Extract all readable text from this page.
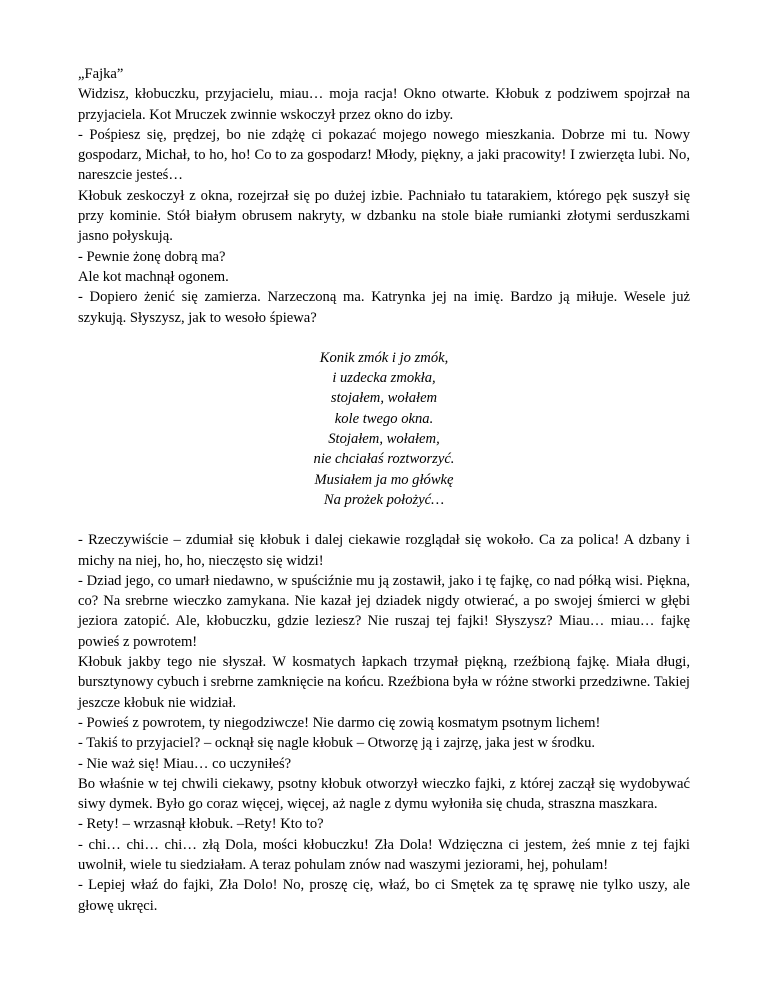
„Fajka”

Widzisz, kłobuczku, przyjacielu, miau… moja racja! Okno otwarte. Kłobuk z podziwem spojrzał na przyjaciela. Kot Mruczek zwinnie wskoczył przez okno do izby.

- Pośpiesz się, prędzej, bo nie zdążę ci pokazać mojego nowego mieszkania. Dobrze mi tu. Nowy gospodarz, Michał, to ho, ho! Co to za gospodarz! Młody, piękny, a jaki pracowity! I zwierzęta lubi. No, nareszcie jesteś…

Kłobuk zeskoczył z okna, rozejrzał się po dużej izbie. Pachniało tu tatarakiem, którego pęk suszył się przy kominie. Stół białym obrusem nakryty, w dzbanku na stole białe rumianki złotymi serduszkami jasno połyskują.

- Pewnie żonę dobrą ma?

Ale kot machnął ogonem.

- Dopiero żenić się zamierza. Narzeczoną ma. Katrynka jej na imię. Bardzo ją miłuje. Wesele już szykują. Słyszysz, jak to wesoło śpiewa?

Konik zmók i jo zmók,
i uzdecka zmokła,
stojałem, wołałem
kole twego okna.
Stojałem, wołałem,
nie chciałaś roztworzyć.
Musiałem ja mo główkę
Na prożek położyć…

- Rzeczywiście – zdumiał się kłobuk i dalej ciekawie rozglądał się wokoło. Ca za polica! A dzbany i michy na niej, ho, ho, nieczęsto się widzi!

- Dziad jego, co umarł niedawno, w spuściźnie mu ją zostawił, jako i tę fajkę, co nad półką wisi. Piękna, co? Na srebrne wieczko zamykana. Nie kazał jej dziadek nigdy otwierać, a po swojej śmierci w głębi jeziora zatopić. Ale, kłobuczku, gdzie leziesz? Nie ruszaj tej fajki! Słyszysz? Miau… miau… fajkę powieś z powrotem!

Kłobuk jakby tego nie słyszał. W kosmatych łapkach trzymał piękną, rzeźbioną fajkę. Miała długi, bursztynowy cybuch i srebrne zamknięcie na końcu. Rzeźbiona była w różne stworki przedziwne. Takiej jeszcze kłobuk nie widział.

- Powieś z powrotem, ty niegodziwcze! Nie darmo cię zowią kosmatym psotnym lichem!

- Takiś to przyjaciel? – ocknął się nagle kłobuk – Otworzę ją i zajrzę, jaka jest w środku.

- Nie waż się! Miau… co uczyniłeś?

Bo właśnie w tej chwili ciekawy, psotny kłobuk otworzył wieczko fajki, z której zaczął się wydobywać siwy dymek. Było go coraz więcej, więcej, aż nagle z dymu wyłoniła się chuda, straszna maszkara.

- Rety! – wrzasnął kłobuk. –Rety! Kto to?

- chi… chi… chi… złą Dola, mości kłobuczku! Zła Dola! Wdzięczna ci jestem, żeś mnie z tej fajki uwolnił, wiele tu siedziałam. A teraz pohulam znów nad waszymi jeziorami, hej, pohulam!

- Lepiej właź do fajki, Zła Dolo! No, proszę cię, właź, bo ci Smętek za tę sprawę nie tylko uszy, ale głowę ukręci.
